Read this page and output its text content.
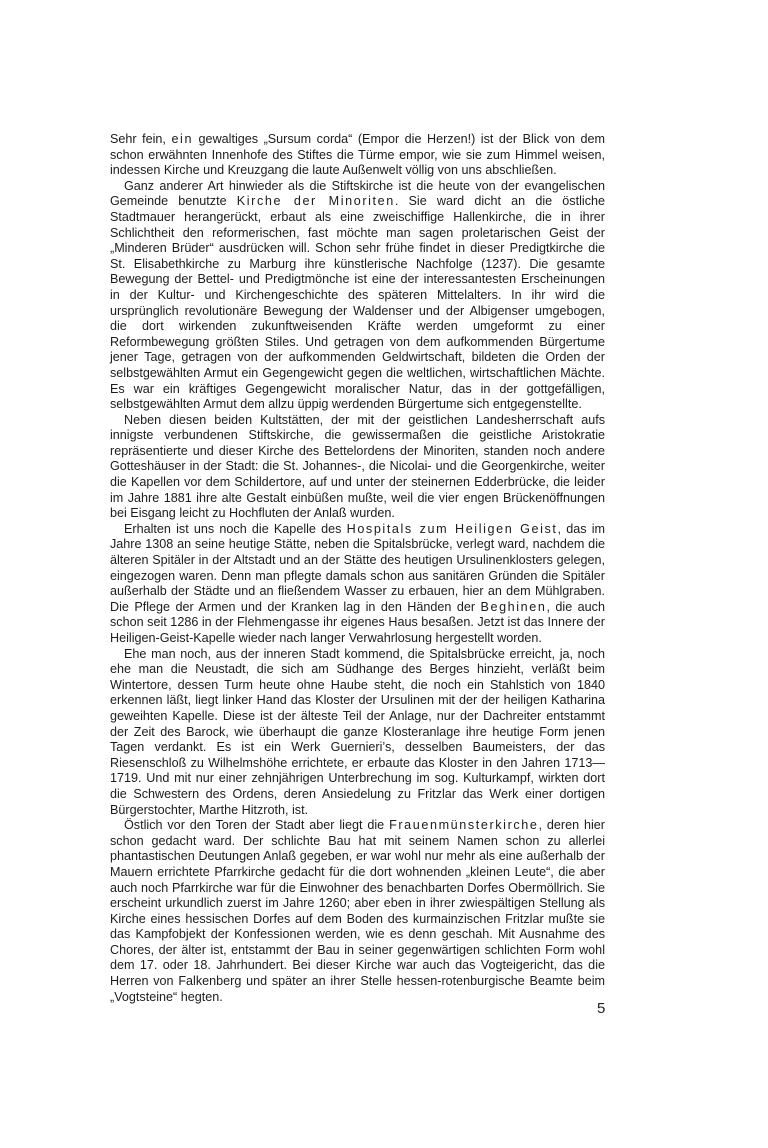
Sehr fein, ein gewaltiges „Sursum corda“ (Empor die Herzen!) ist der Blick von dem schon erwähnten Innenhofe des Stiftes die Türme empor, wie sie zum Himmel weisen, indessen Kirche und Kreuzgang die laute Außenwelt völlig von uns abschließen.

Ganz anderer Art hinwieder als die Stiftskirche ist die heute von der evangelischen Gemeinde benutzte Kirche der Minoriten. Sie ward dicht an die östliche Stadtmauer herangerückt, erbaut als eine zweischiffige Hallenkirche, die in ihrer Schlichtheit den reformerischen, fast möchte man sagen proletarischen Geist der „Minderen Brüder“ ausdrücken will. Schon sehr frühe findet in dieser Predigtkirche die St. Elisabethkirche zu Marburg ihre künstlerische Nachfolge (1237). Die gesamte Bewegung der Bettel- und Predigtmönche ist eine der interessantesten Erscheinungen in der Kultur- und Kirchengeschichte des späteren Mittelalters. In ihr wird die ursprünglich revolutionäre Bewegung der Waldenser und der Albigenser umgebogen, die dort wirkenden zukunftweisenden Kräfte werden umgeformt zu einer Reformbewegung größten Stiles. Und getragen von dem aufkommenden Bürgertume jener Tage, getragen von der aufkommenden Geldwirtschaft, bildeten die Orden der selbstgewählten Armut ein Gegengewicht gegen die weltlichen, wirtschaftlichen Mächte. Es war ein kräftiges Gegengewicht moralischer Natur, das in der gottgefälligen, selbstgewählten Armut dem allzu üppig werdenden Bürgertume sich entgegenstellte.

Neben diesen beiden Kultstätten, der mit der geistlichen Landesherrschaft aufs innigste verbundenen Stiftskirche, die gewissermaßen die geistliche Aristokratie repräsentierte und dieser Kirche des Bettelordens der Minoriten, standen noch andere Gotteshäuser in der Stadt: die St. Johannes-, die Nicolai- und die Georgenkirche, weiter die Kapellen vor dem Schildertore, auf und unter der steinernen Edderbrücke, die leider im Jahre 1881 ihre alte Gestalt einbüßen mußte, weil die vier engen Brückenöffnungen bei Eisgang leicht zu Hochfluten der Anlaß wurden.

Erhalten ist uns noch die Kapelle des Hospitals zum Heiligen Geist, das im Jahre 1308 an seine heutige Stätte, neben die Spitalsbrücke, verlegt ward, nachdem die älteren Spitäler in der Altstadt und an der Stätte des heutigen Ursulinenklosters gelegen, eingezogen waren. Denn man pflegte damals schon aus sanitären Gründen die Spitäler außerhalb der Städte und an fließendem Wasser zu erbauen, hier an dem Mühlgraben. Die Pflege der Armen und der Kranken lag in den Händen der Beghinen, die auch schon seit 1286 in der Flehmengasse ihr eigenes Haus besaßen. Jetzt ist das Innere der Heiligen-Geist-Kapelle wieder nach langer Verwahrlosung hergestellt worden.

Ehe man noch, aus der inneren Stadt kommend, die Spitalsbrücke erreicht, ja, noch ehe man die Neustadt, die sich am Südhange des Berges hinzieht, verläßt beim Wintertore, dessen Turm heute ohne Haube steht, die noch ein Stahlstich von 1840 erkennen läßt, liegt linker Hand das Kloster der Ursulinen mit der der heiligen Katharina geweihten Kapelle. Diese ist der älteste Teil der Anlage, nur der Dachreiter entstammt der Zeit des Barock, wie überhaupt die ganze Klosteranlage ihre heutige Form jenen Tagen verdankt. Es ist ein Werk Guernieri’s, desselben Baumeisters, der das Riesenschloß zu Wilhelmshöhe errichtete, er erbaute das Kloster in den Jahren 1713—1719. Und mit nur einer zehnjährigen Unterbrechung im sog. Kulturkampf, wirkten dort die Schwestern des Ordens, deren Ansiedelung zu Fritzlar das Werk einer dortigen Bürgerstochter, Marthe Hitzroth, ist.

Östlich vor den Toren der Stadt aber liegt die Frauenmünsterkirche, deren hier schon gedacht ward. Der schlichte Bau hat mit seinem Namen schon zu allerlei phantastischen Deutungen Anlaß gegeben, er war wohl nur mehr als eine außerhalb der Mauern errichtete Pfarrkirche gedacht für die dort wohnenden „kleinen Leute“, die aber auch noch Pfarrkirche war für die Einwohner des benachbarten Dorfes Obermöllrich. Sie erscheint urkundlich zuerst im Jahre 1260; aber eben in ihrer zwiespältigen Stellung als Kirche eines hessischen Dorfes auf dem Boden des kurmainzischen Fritzlar mußte sie das Kampfobjekt der Konfessionen werden, wie es denn geschah. Mit Ausnahme des Chores, der älter ist, entstammt der Bau in seiner gegenwärtigen schlichten Form wohl dem 17. oder 18. Jahrhundert. Bei dieser Kirche war auch das Vogteigericht, das die Herren von Falkenberg und später an ihrer Stelle hessen-rotenburgische Beamte beim „Vogtsteine“ hegten.

5
